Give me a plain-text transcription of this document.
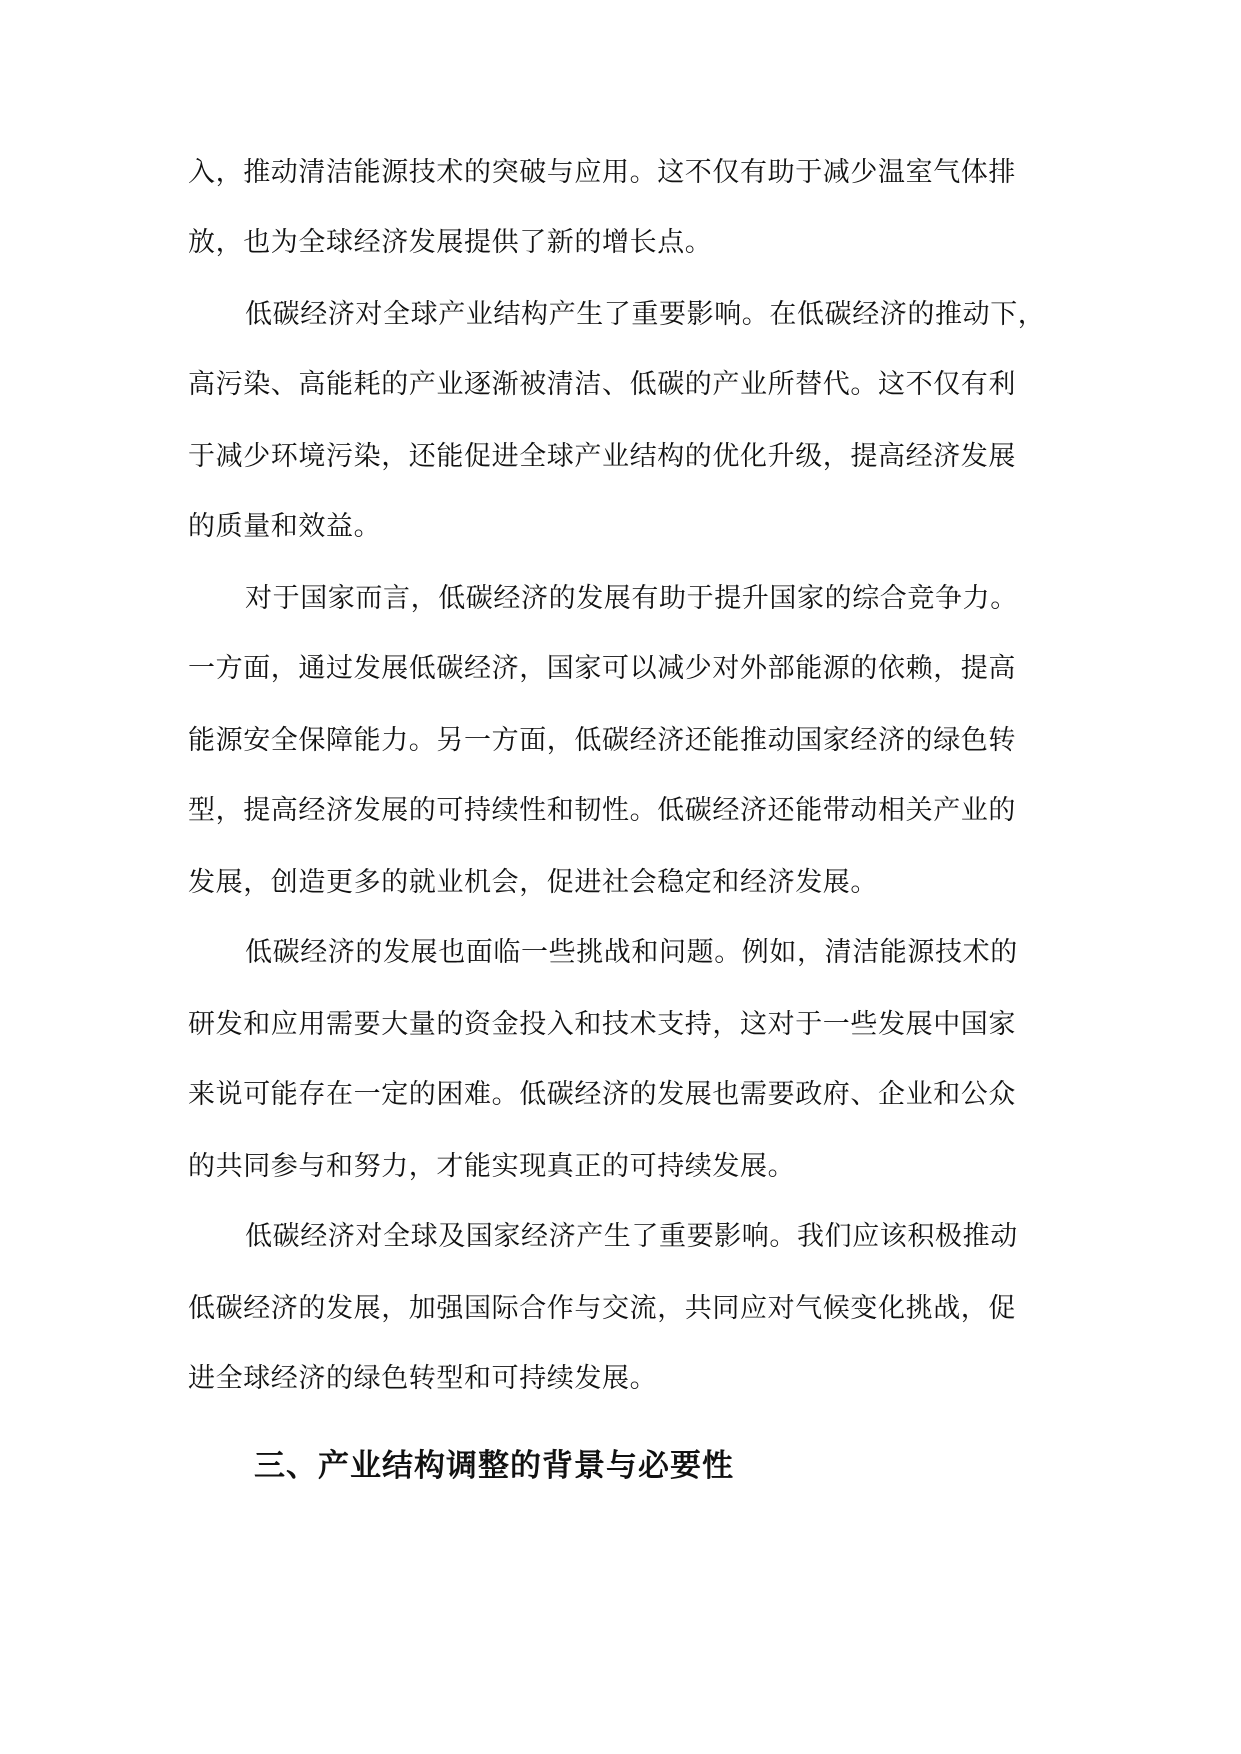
入，推动清洁能源技术的突破与应用。这不仅有助于减少温室气体排
放，也为全球经济发展提供了新的增长点。
低碳经济对全球产业结构产生了重要影响。在低碳经济的推动下，
高污染、高能耗的产业逐渐被清洁、低碳的产业所替代。这不仅有利
于减少环境污染，还能促进全球产业结构的优化升级，提高经济发展
的质量和效益。
对于国家而言，低碳经济的发展有助于提升国家的综合竞争力。
一方面，通过发展低碳经济，国家可以减少对外部能源的依赖，提高
能源安全保障能力。另一方面，低碳经济还能推动国家经济的绿色转
型，提高经济发展的可持续性和韧性。低碳经济还能带动相关产业的
发展，创造更多的就业机会，促进社会稳定和经济发展。
低碳经济的发展也面临一些挑战和问题。例如，清洁能源技术的
研发和应用需要大量的资金投入和技术支持，这对于一些发展中国家
来说可能存在一定的困难。低碳经济的发展也需要政府、企业和公众
的共同参与和努力，才能实现真正的可持续发展。
低碳经济对全球及国家经济产生了重要影响。我们应该积极推动
低碳经济的发展，加强国际合作与交流，共同应对气候变化挑战，促
进全球经济的绿色转型和可持续发展。
三、产业结构调整的背景与必要性
